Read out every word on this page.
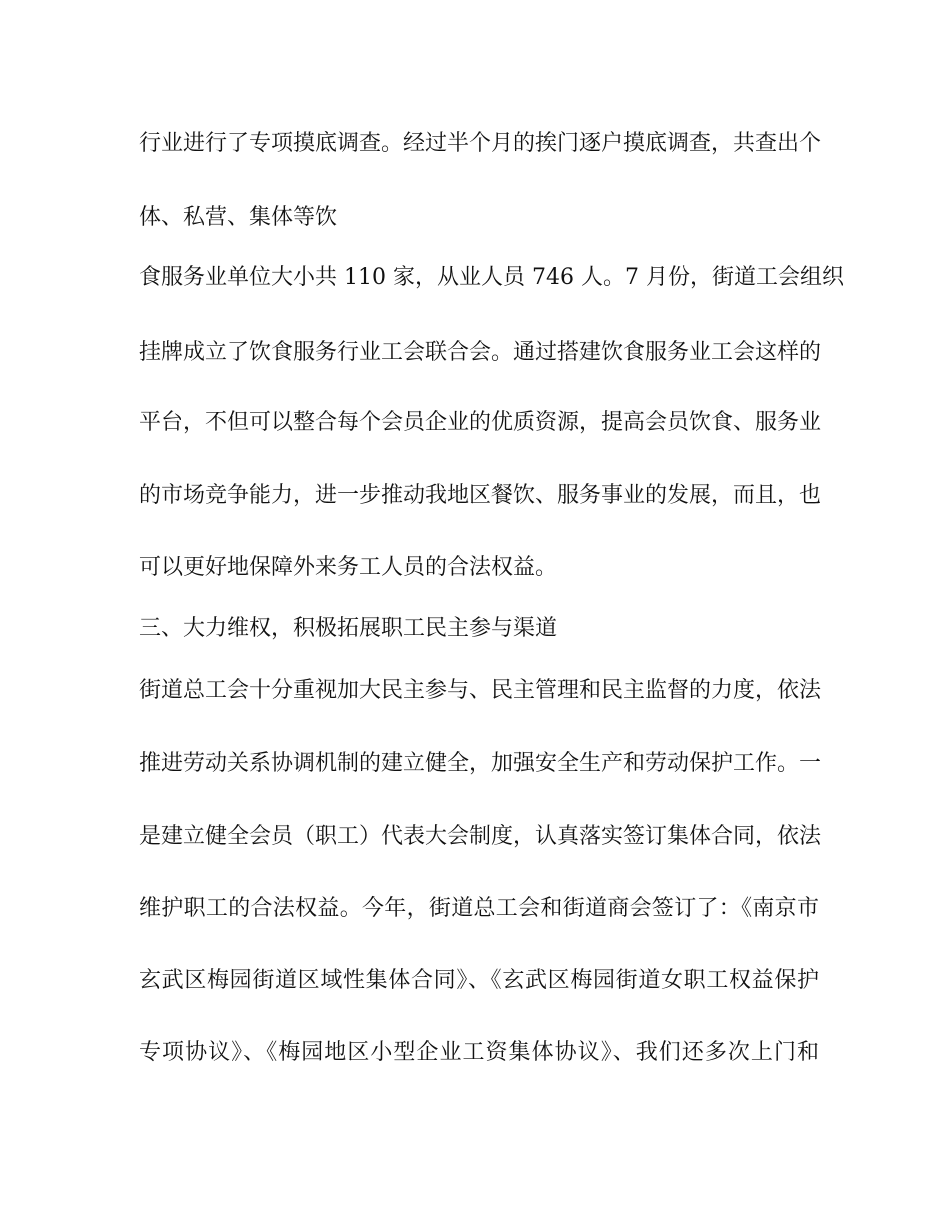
行业进行了专项摸底调查。经过半个月的挨门逐户摸底调查，共查出个
体、私营、集体等饮
食服务业单位大小共 110 家，从业人员 746 人。7 月份，街道工会组织
挂牌成立了饮食服务行业工会联合会。通过搭建饮食服务业工会这样的
平台，不但可以整合每个会员企业的优质资源，提高会员饮食、服务业
的市场竞争能力，进一步推动我地区餐饮、服务事业的发展，而且，也
可以更好地保障外来务工人员的合法权益。
三、大力维权，积极拓展职工民主参与渠道
街道总工会十分重视加大民主参与、民主管理和民主监督的力度，依法
推进劳动关系协调机制的建立健全，加强安全生产和劳动保护工作。一
是建立健全会员（职工）代表大会制度，认真落实签订集体合同，依法
维护职工的合法权益。今年，街道总工会和街道商会签订了：《南京市
玄武区梅园街道区域性集体合同》、《玄武区梅园街道女职工权益保护
专项协议》、《梅园地区小型企业工资集体协议》、我们还多次上门和
